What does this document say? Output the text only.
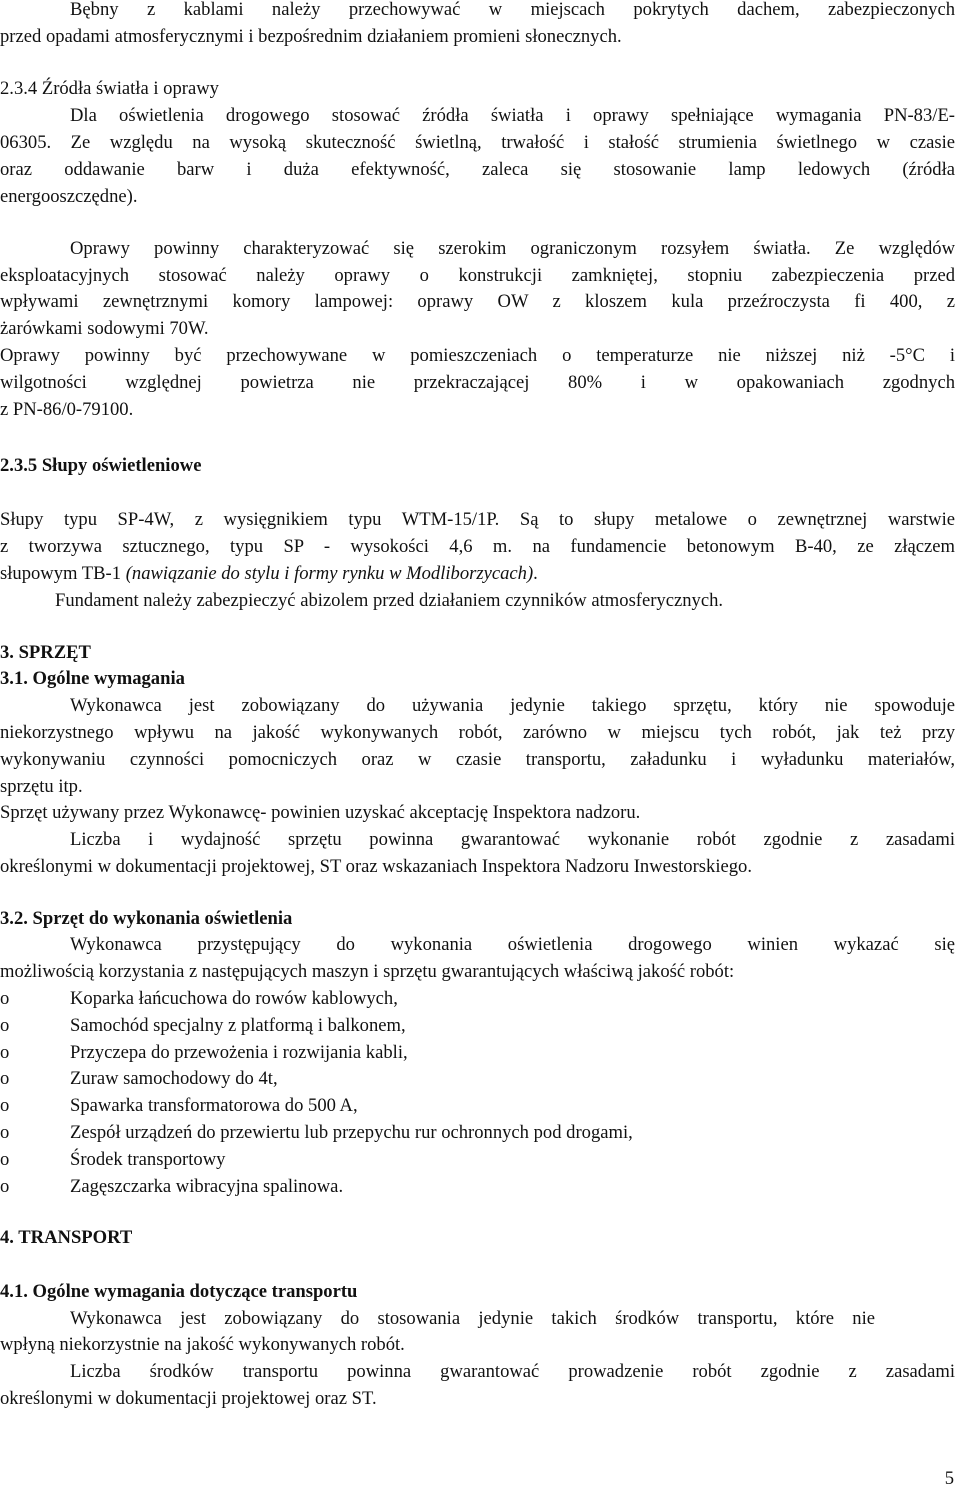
Bębny z kablami należy przechowywać w miejscach pokrytych dachem, zabezpieczonych
przed opadami atmosferycznymi i bezpośrednim działaniem promieni słonecznych.
2.3.4 Źródła światła i oprawy
Dla oświetlenia drogowego stosować źródła światła i oprawy spełniające wymagania PN-83/E-
06305. Ze względu na wysoką skuteczność świetlną, trwałość i stałość strumienia świetlnego w czasie
oraz oddawanie barw i duża efektywność, zaleca się stosowanie lamp ledowych (źródła
energooszczędne).
Oprawy powinny charakteryzować się szerokim ograniczonym rozsyłem światła. Ze względów
eksploatacyjnych stosować należy oprawy o konstrukcji zamkniętej, stopniu zabezpieczenia przed
wpływami zewnętrznymi komory lampowej: oprawy OW z kloszem kula przeźroczysta fi 400, z
żarówkami sodowymi 70W.
Oprawy powinny być przechowywane w pomieszczeniach o temperaturze nie niższej niż -5°C i
wilgotności względnej powietrza nie przekraczającej 80% i w opakowaniach zgodnych
z PN-86/0-79100.
2.3.5 Słupy oświetleniowe
Słupy typu SP-4W, z wysięgnikiem typu WTM-15/1P. Są to słupy metalowe o zewnętrznej warstwie
z tworzywa sztucznego, typu SP - wysokości 4,6 m. na fundamencie betonowym B-40, ze złączem
słupowym TB-1 (nawiązanie do stylu i formy rynku w Modliborzycach).
Fundament należy zabezpieczyć abizolem przed działaniem czynników atmosferycznych.
3. SPRZĘT
3.1. Ogólne wymagania
Wykonawca jest zobowiązany do używania jedynie takiego sprzętu, który nie spowoduje
niekorzystnego wpływu na jakość wykonywanych robót, zarówno w miejscu tych robót, jak też przy
wykonywaniu czynności pomocniczych oraz w czasie transportu, załadunku i wyładunku materiałów,
sprzętu itp.
Sprzęt używany przez Wykonawcę- powinien uzyskać akceptację Inspektora nadzoru.
Liczba i wydajność sprzętu powinna gwarantować wykonanie robót zgodnie z zasadami
określonymi w dokumentacji projektowej, ST oraz wskazaniach Inspektora Nadzoru Inwestorskiego.
3.2. Sprzęt do wykonania oświetlenia
Wykonawca przystępujący do wykonania oświetlenia drogowego winien wykazać się
możliwością korzystania z następujących maszyn i sprzętu gwarantujących właściwą jakość robót:
o	Koparka łańcuchowa do rowów kablowych,
o	Samochód specjalny z platformą i balkonem,
o	Przyczepa do przewożenia i rozwijania kabli,
o	Zuraw samochodowy do 4t,
o	Spawarka transformatorowa do 500 A,
o	Zespół urządzeń do przewiertu lub przepychu rur ochronnych pod drogami,
o	Środek transportowy
o	Zagęszczarka wibracyjna spalinowa.
4. TRANSPORT
4.1. Ogólne wymagania dotyczące transportu
Wykonawca jest zobowiązany do stosowania jedynie takich środków transportu, które nie
wpłyną niekorzystnie na jakość wykonywanych robót.
Liczba środków transportu powinna gwarantować prowadzenie robót zgodnie z zasadami
określonymi w dokumentacji projektowej oraz ST.
5
